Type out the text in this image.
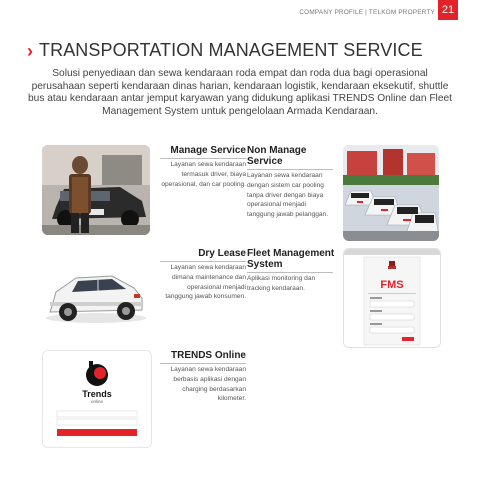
COMPANY PROFILE | TELKOM PROPERTY 21
› TRANSPORTATION MANAGEMENT SERVICE
Solusi penyediaan dan sewa kendaraan roda empat dan roda dua bagi operasional perusahaan seperti kendaraan dinas harian, kendaraan logistik, kendaraan eksekutif, shuttle bus atau kendaraan antar jemput karyawan yang didukung aplikasi TRENDS Online dan Fleet Management System untuk pengelolaan Armada Kendaraan.
Manage Service
Layanan sewa kendaraan termasuk driver, biaya operasional, dan car pooling.
Non Manage Service
Layanan sewa kendaraan dengan sistem car pooling tanpa driver dengan biaya operasional menjadi tanggung jawab pelanggan.
Dry Lease
Layanan sewa kendaraan dimana maintenance dan operasional menjadi tanggung jawab konsumen.
Fleet Management System
Aplikasi monitoring dan tracking kendaraan.	FMS
Trends
online
TRENDS Online
Layanan sewa kendaraan berbasis aplikasi dengan charging berdasarkan kilometer.
